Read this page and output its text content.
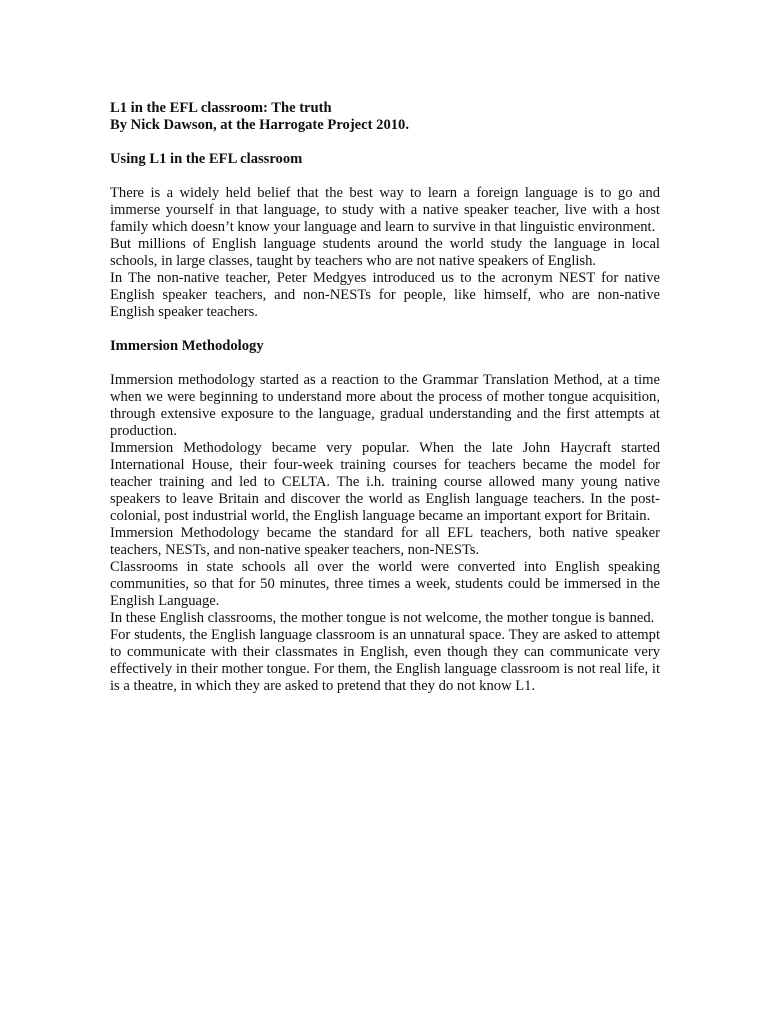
L1 in the EFL classroom: The truth

By Nick Dawson, at the Harrogate Project 2010.

Using L1 in the EFL classroom

There is a widely held belief that the best way to learn a foreign language is to go and immerse yourself in that language, to study with a native speaker teacher, live with a host family which doesn’t know your language and learn to survive in that linguistic environment.

But millions of English language students around the world study the language in local schools, in large classes, taught by teachers who are not native speakers of English.

In The non-native teacher, Peter Medgyes introduced us to the acronym NEST for native English speaker teachers, and non-NESTs for people, like himself, who are non-native English speaker teachers.

Immersion Methodology

Immersion methodology started as a reaction to the Grammar Translation Method, at a time when we were beginning to understand more about the process of mother tongue acquisition, through extensive exposure to the language, gradual understanding and the first attempts at production.

Immersion Methodology became very popular. When the late John Haycraft started International House, their four-week training courses for teachers became the model for teacher training and led to CELTA. The i.h. training course allowed many young native speakers to leave Britain and discover the world as English language teachers. In the post-colonial, post industrial world, the English language became an important export for Britain.

Immersion Methodology became the standard for all EFL teachers, both native speaker teachers, NESTs, and non-native speaker teachers, non-NESTs.

Classrooms in state schools all over the world were converted into English speaking communities, so that for 50 minutes, three times a week, students could be immersed in the English Language.

In these English classrooms, the mother tongue is not welcome, the mother tongue is banned.

For students, the English language classroom is an unnatural space. They are asked to attempt to communicate with their classmates in English, even though they can communicate very effectively in their mother tongue. For them, the English language classroom is not real life, it is a theatre, in which they are asked to pretend that they do not know L1.
